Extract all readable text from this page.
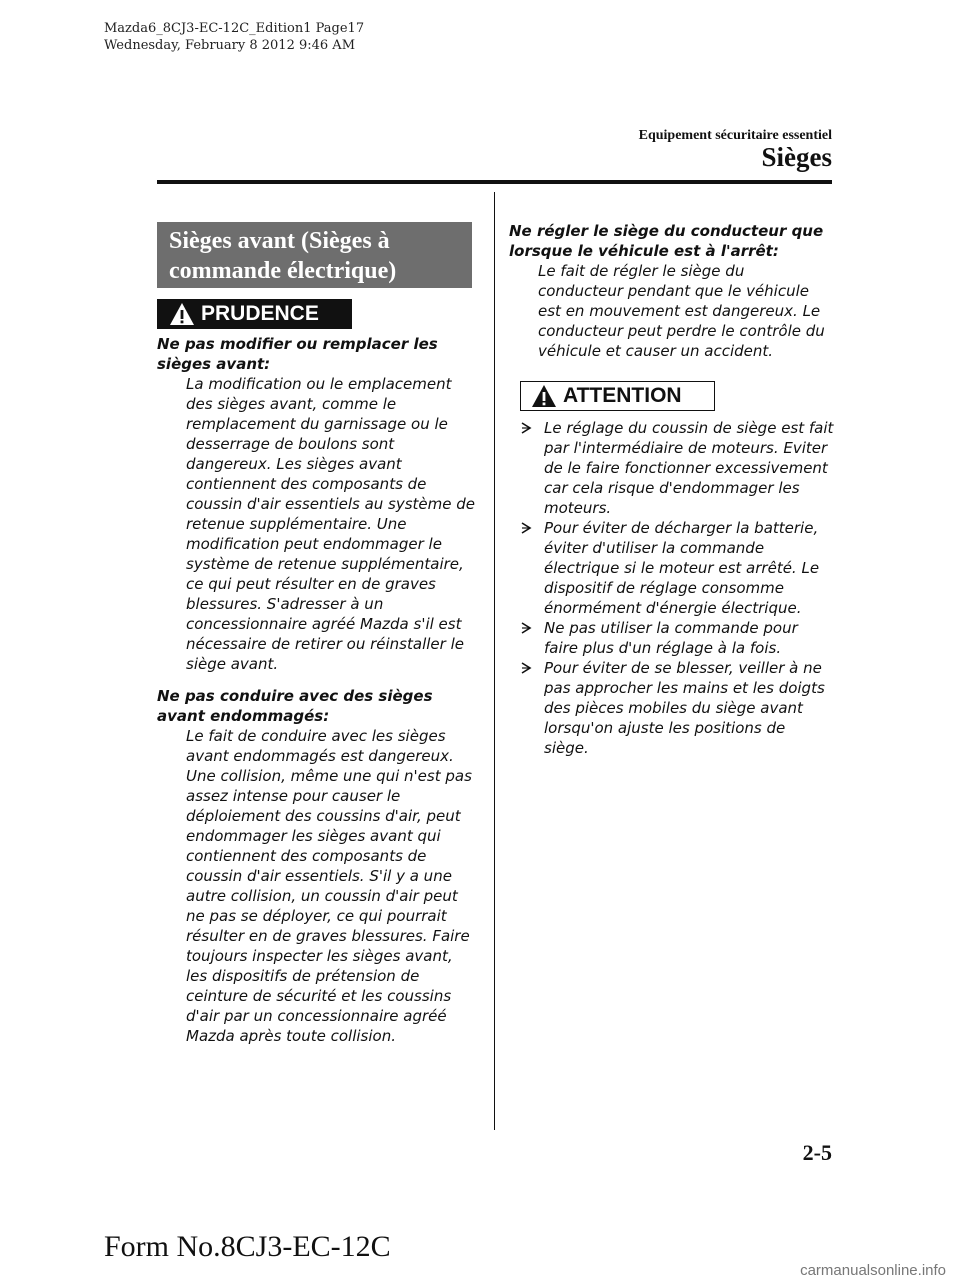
Mazda6_8CJ3-EC-12C_Edition1 Page17
Wednesday, February 8 2012 9:46 AM
Equipement sécuritaire essentiel
Sièges
Sièges avant (Sièges à
commande électrique)
PRUDENCE
Ne pas modifier ou remplacer les sièges avant:
La modification ou le emplacement des sièges avant, comme le remplacement du garnissage ou le desserrage de boulons sont dangereux. Les sièges avant contiennent des composants de coussin d'air essentiels au système de retenue supplémentaire. Une modification peut endommager le système de retenue supplémentaire, ce qui peut résulter en de graves blessures. S'adresser à un concessionnaire agréé Mazda s'il est nécessaire de retirer ou réinstaller le siège avant.
Ne pas conduire avec des sièges avant endommagés:
Le fait de conduire avec les sièges avant endommagés est dangereux. Une collision, même une qui n'est pas assez intense pour causer le déploiement des coussins d'air, peut endommager les sièges avant qui contiennent des composants de coussin d'air essentiels. S'il y a une autre collision, un coussin d'air peut ne pas se déployer, ce qui pourrait résulter en de graves blessures. Faire toujours inspecter les sièges avant, les dispositifs de prétension de ceinture de sécurité et les coussins d'air par un concessionnaire agréé Mazda après toute collision.
Ne régler le siège du conducteur que lorsque le véhicule est à l'arrêt:
Le fait de régler le siège du conducteur pendant que le véhicule est en mouvement est dangereux. Le conducteur peut perdre le contrôle du véhicule et causer un accident.
ATTENTION
Le réglage du coussin de siège est fait par l'intermédiaire de moteurs. Eviter de le faire fonctionner excessivement car cela risque d'endommager les moteurs.
Pour éviter de décharger la batterie, éviter d'utiliser la commande électrique si le moteur est arrêté. Le dispositif de réglage consomme énormément d'énergie électrique.
Ne pas utiliser la commande pour faire plus d'un réglage à la fois.
Pour éviter de se blesser, veiller à ne pas approcher les mains et les doigts des pièces mobiles du siège avant lorsqu'on ajuste les positions de siège.
2-5
Form No.8CJ3-EC-12C
carmanualsonline.info
